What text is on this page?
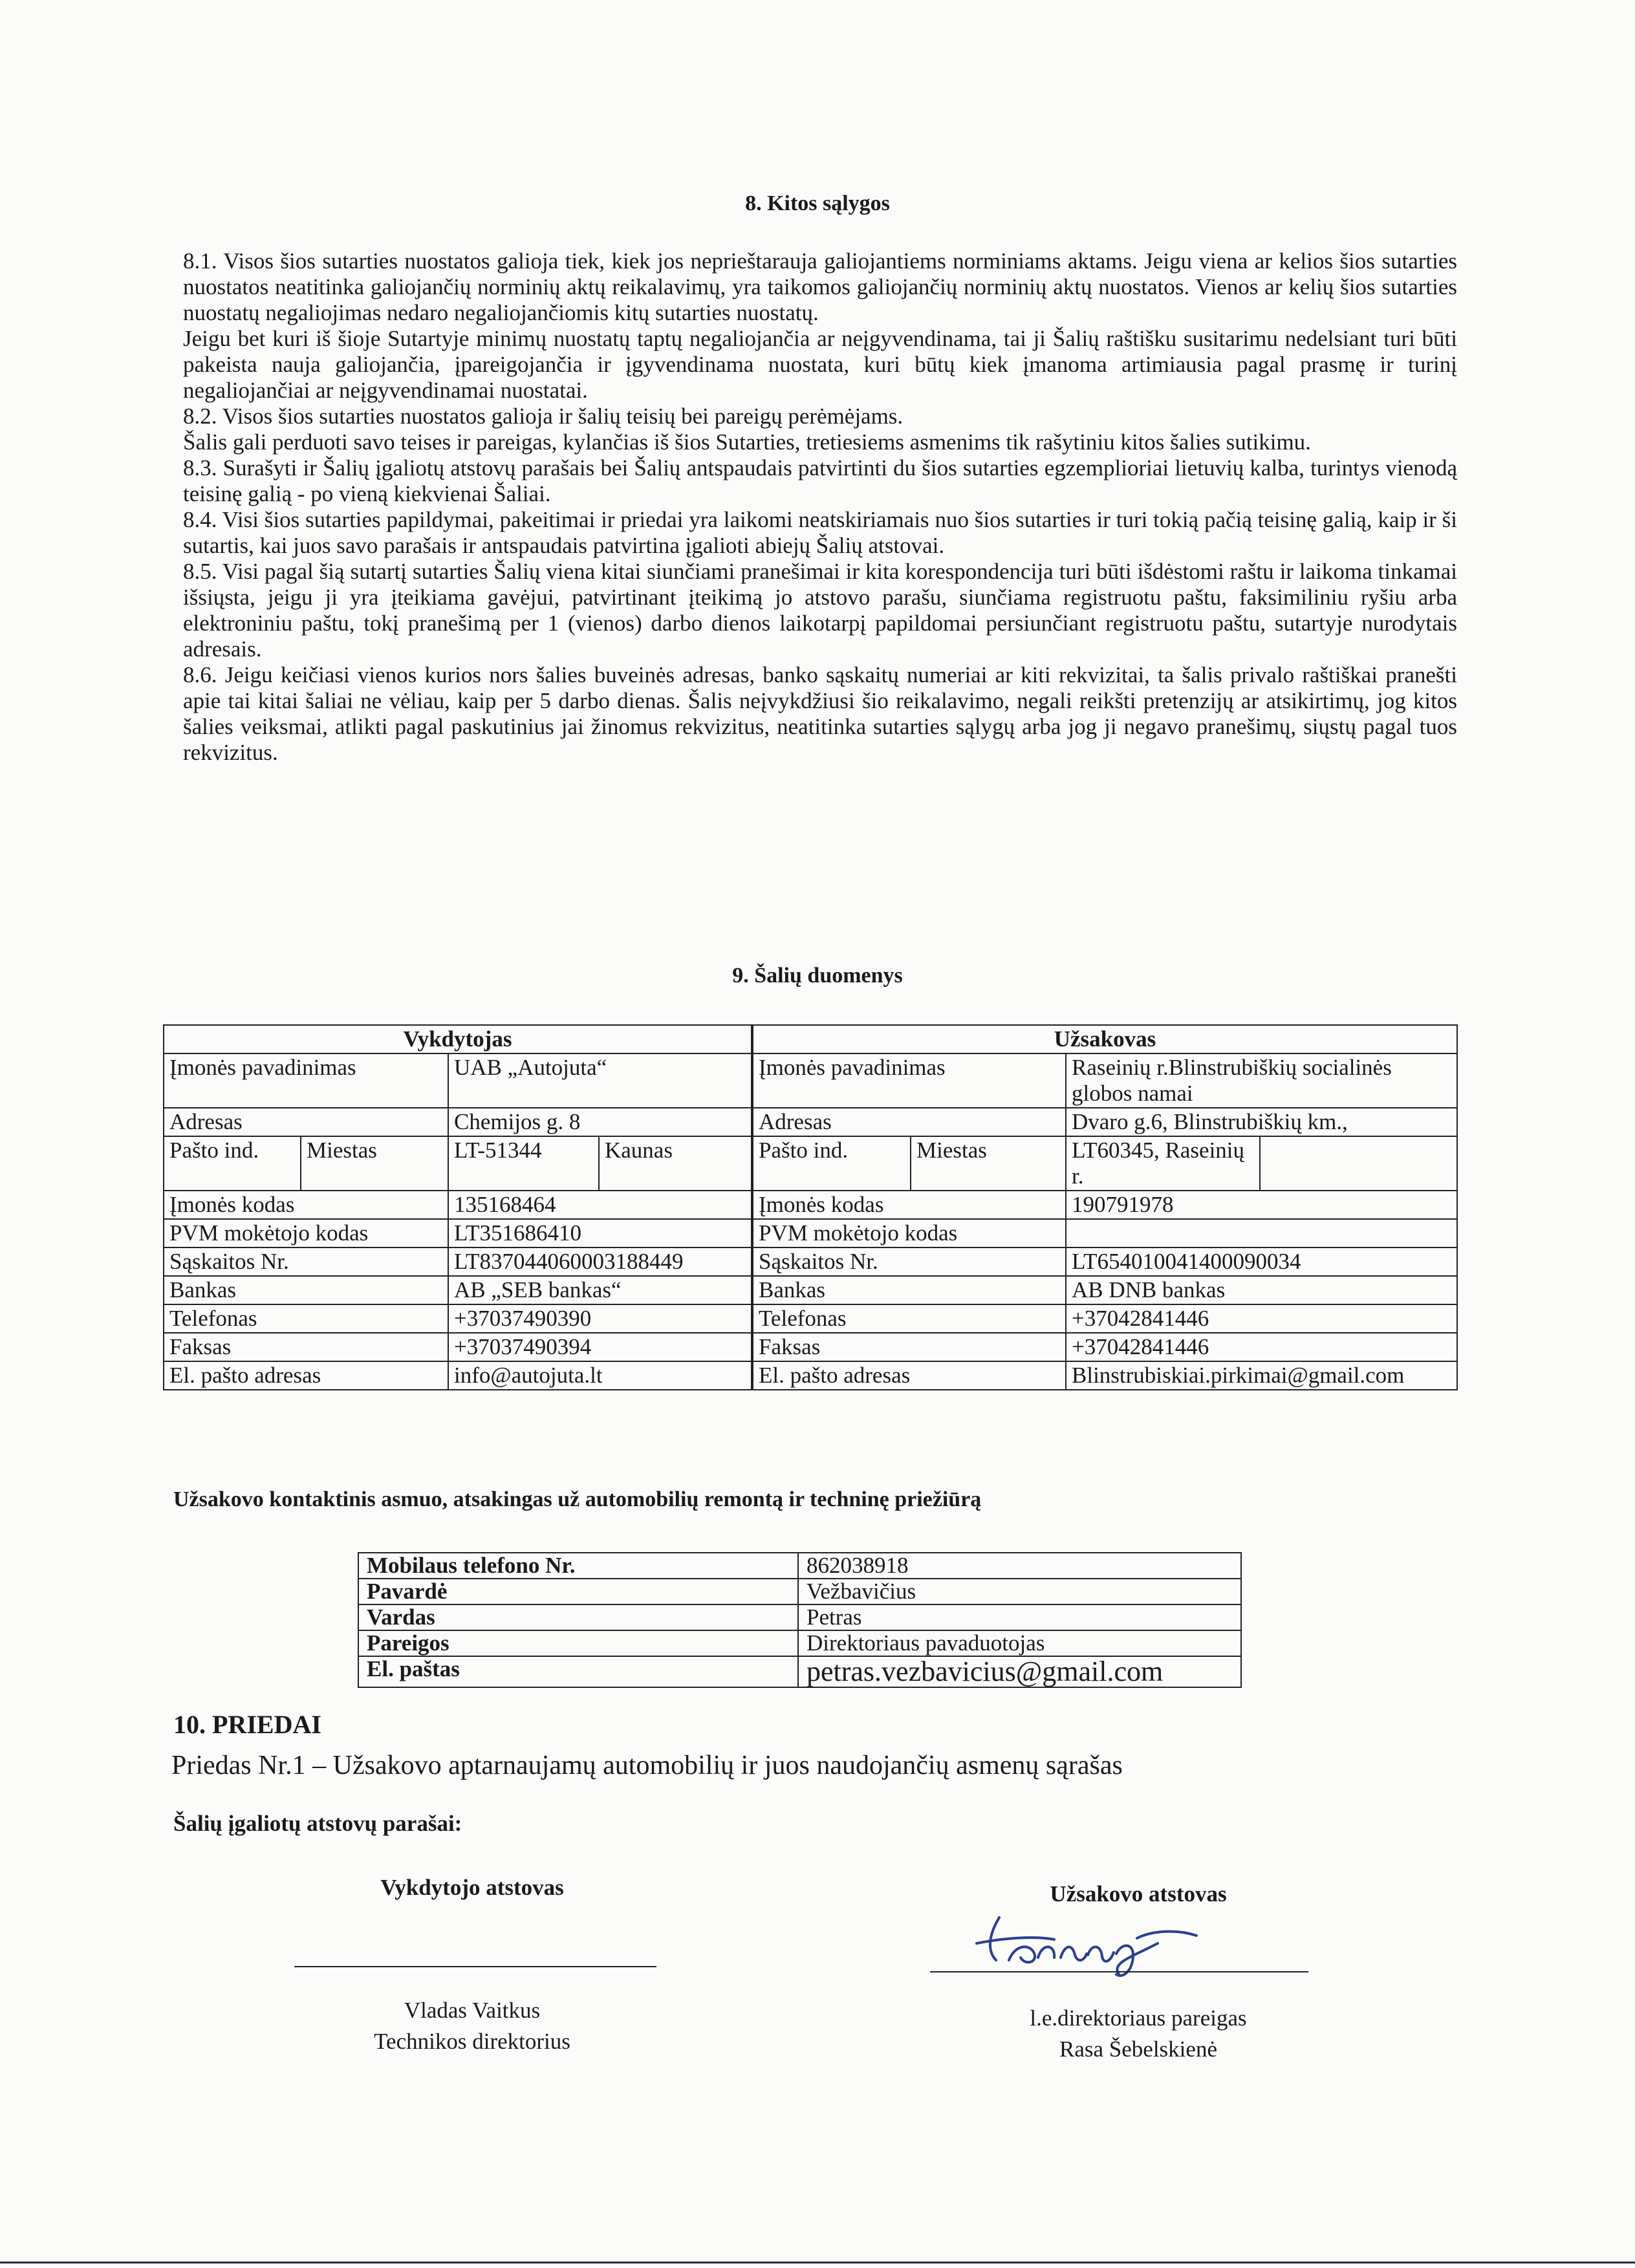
8. Kitos sąlygos

8.1. Visos šios sutarties nuostatos galioja tiek, kiek jos neprieštarauja galiojantiems norminiams aktams. Jeigu viena ar kelios šios sutarties nuostatos neatitinka galiojančių norminių aktų reikalavimų, yra taikomos galiojančių norminių aktų nuostatos. Vienos ar kelių šios sutarties nuostatų negaliojimas nedaro negaliojančiomis kitų sutarties nuostatų.

Jeigu bet kuri iš šioje Sutartyje minimų nuostatų taptų negaliojančia ar neįgyvendinama, tai ji Šalių raštišku susitarimu nedelsiant turi būti pakeista nauja galiojančia, įpareigojančia ir įgyvendinama nuostata, kuri būtų kiek įmanoma artimiausia pagal prasmę ir turinį negaliojančiai ar neįgyvendinamai nuostatai.

8.2. Visos šios sutarties nuostatos galioja ir šalių teisių bei pareigų perėmėjams.

Šalis gali perduoti savo teises ir pareigas, kylančias iš šios Sutarties, tretiesiems asmenims tik rašytiniu kitos šalies sutikimu.

8.3. Surašyti ir Šalių įgaliotų atstovų parašais bei Šalių antspaudais patvirtinti du šios sutarties egzemplioriai lietuvių kalba, turintys vienodą teisinę galią - po vieną kiekvienai Šaliai.

8.4. Visi šios sutarties papildymai, pakeitimai ir priedai yra laikomi neatskiriamais nuo šios sutarties ir turi tokią pačią teisinę galią, kaip ir ši sutartis, kai juos savo parašais ir antspaudais patvirtina įgalioti abiejų Šalių atstovai.

8.5. Visi pagal šią sutartį sutarties Šalių viena kitai siunčiami pranešimai ir kita korespondencija turi būti išdėstomi raštu ir laikoma tinkamai išsiųsta, jeigu ji yra įteikiama gavėjui, patvirtinant įteikimą jo atstovo parašu, siunčiama registruotu paštu, faksimiliniu ryšiu arba elektroniniu paštu, tokį pranešimą per 1 (vienos) darbo dienos laikotarpį papildomai persiunčiant registruotu paštu, sutartyje nurodytais adresais.

8.6. Jeigu keičiasi vienos kurios nors šalies buveinės adresas, banko sąskaitų numeriai ar kiti rekvizitai, ta šalis privalo raštiškai pranešti apie tai kitai šaliai ne vėliau, kaip per 5 darbo dienas. Šalis neįvykdžiusi šio reikalavimo, negali reikšti pretenzijų ar atsikirtimų, jog kitos šalies veiksmai, atlikti pagal paskutinius jai žinomus rekvizitus, neatitinka sutarties sąlygų arba jog ji negavo pranešimų, siųstų pagal tuos rekvizitus.

9. Šalių duomenys
Vykdytojas				Užsakovas			
Įmonės pavadinimas		UAB „Autojuta“		Įmonės pavadinimas		Raseinių r.Blinstrubiškių socialinės globos namai	
Adresas		Chemijos g. 8		Adresas		Dvaro g.6, Blinstrubiškių km.,	
Pašto ind.	Miestas	LT-51344	Kaunas	Pašto ind.	Miestas	LT60345, Raseinių r.	
Įmonės kodas		135168464		Įmonės kodas		190791978	
PVM mokėtojo kodas		LT351686410		PVM mokėtojo kodas			
Sąskaitos Nr.		LT837044060003188449		Sąskaitos Nr.		LT654010041400090034	
Bankas		AB „SEB bankas“		Bankas		AB DNB bankas	
Telefonas		+37037490390		Telefonas		+37042841446	
Faksas		+37037490394		Faksas		+37042841446	
El. pašto adresas		info@autojuta.lt		El. pašto adresas		Blinstrubiskiai.pirkimai@gmail.com	
Užsakovo kontaktinis asmuo, atsakingas už automobilių remontą ir techninę priežiūrą
Mobilaus telefono Nr.	862038918
Pavardė	Vežbavičius
Vardas	Petras
Pareigos	Direktoriaus pavaduotojas
El. paštas	petras.vezbavicius@gmail.com
10. PRIEDAI
Priedas Nr.1 – Užsakovo aptarnaujamų automobilių ir juos naudojančių asmenų sąrašas
Šalių įgaliotų atstovų parašai:
Vykdytojo atstovas	Užsakovo atstovas
Vladas Vaitkus
Technikos direktorius
l.e.direktoriaus pareigas
Rasa Šebelskienė
